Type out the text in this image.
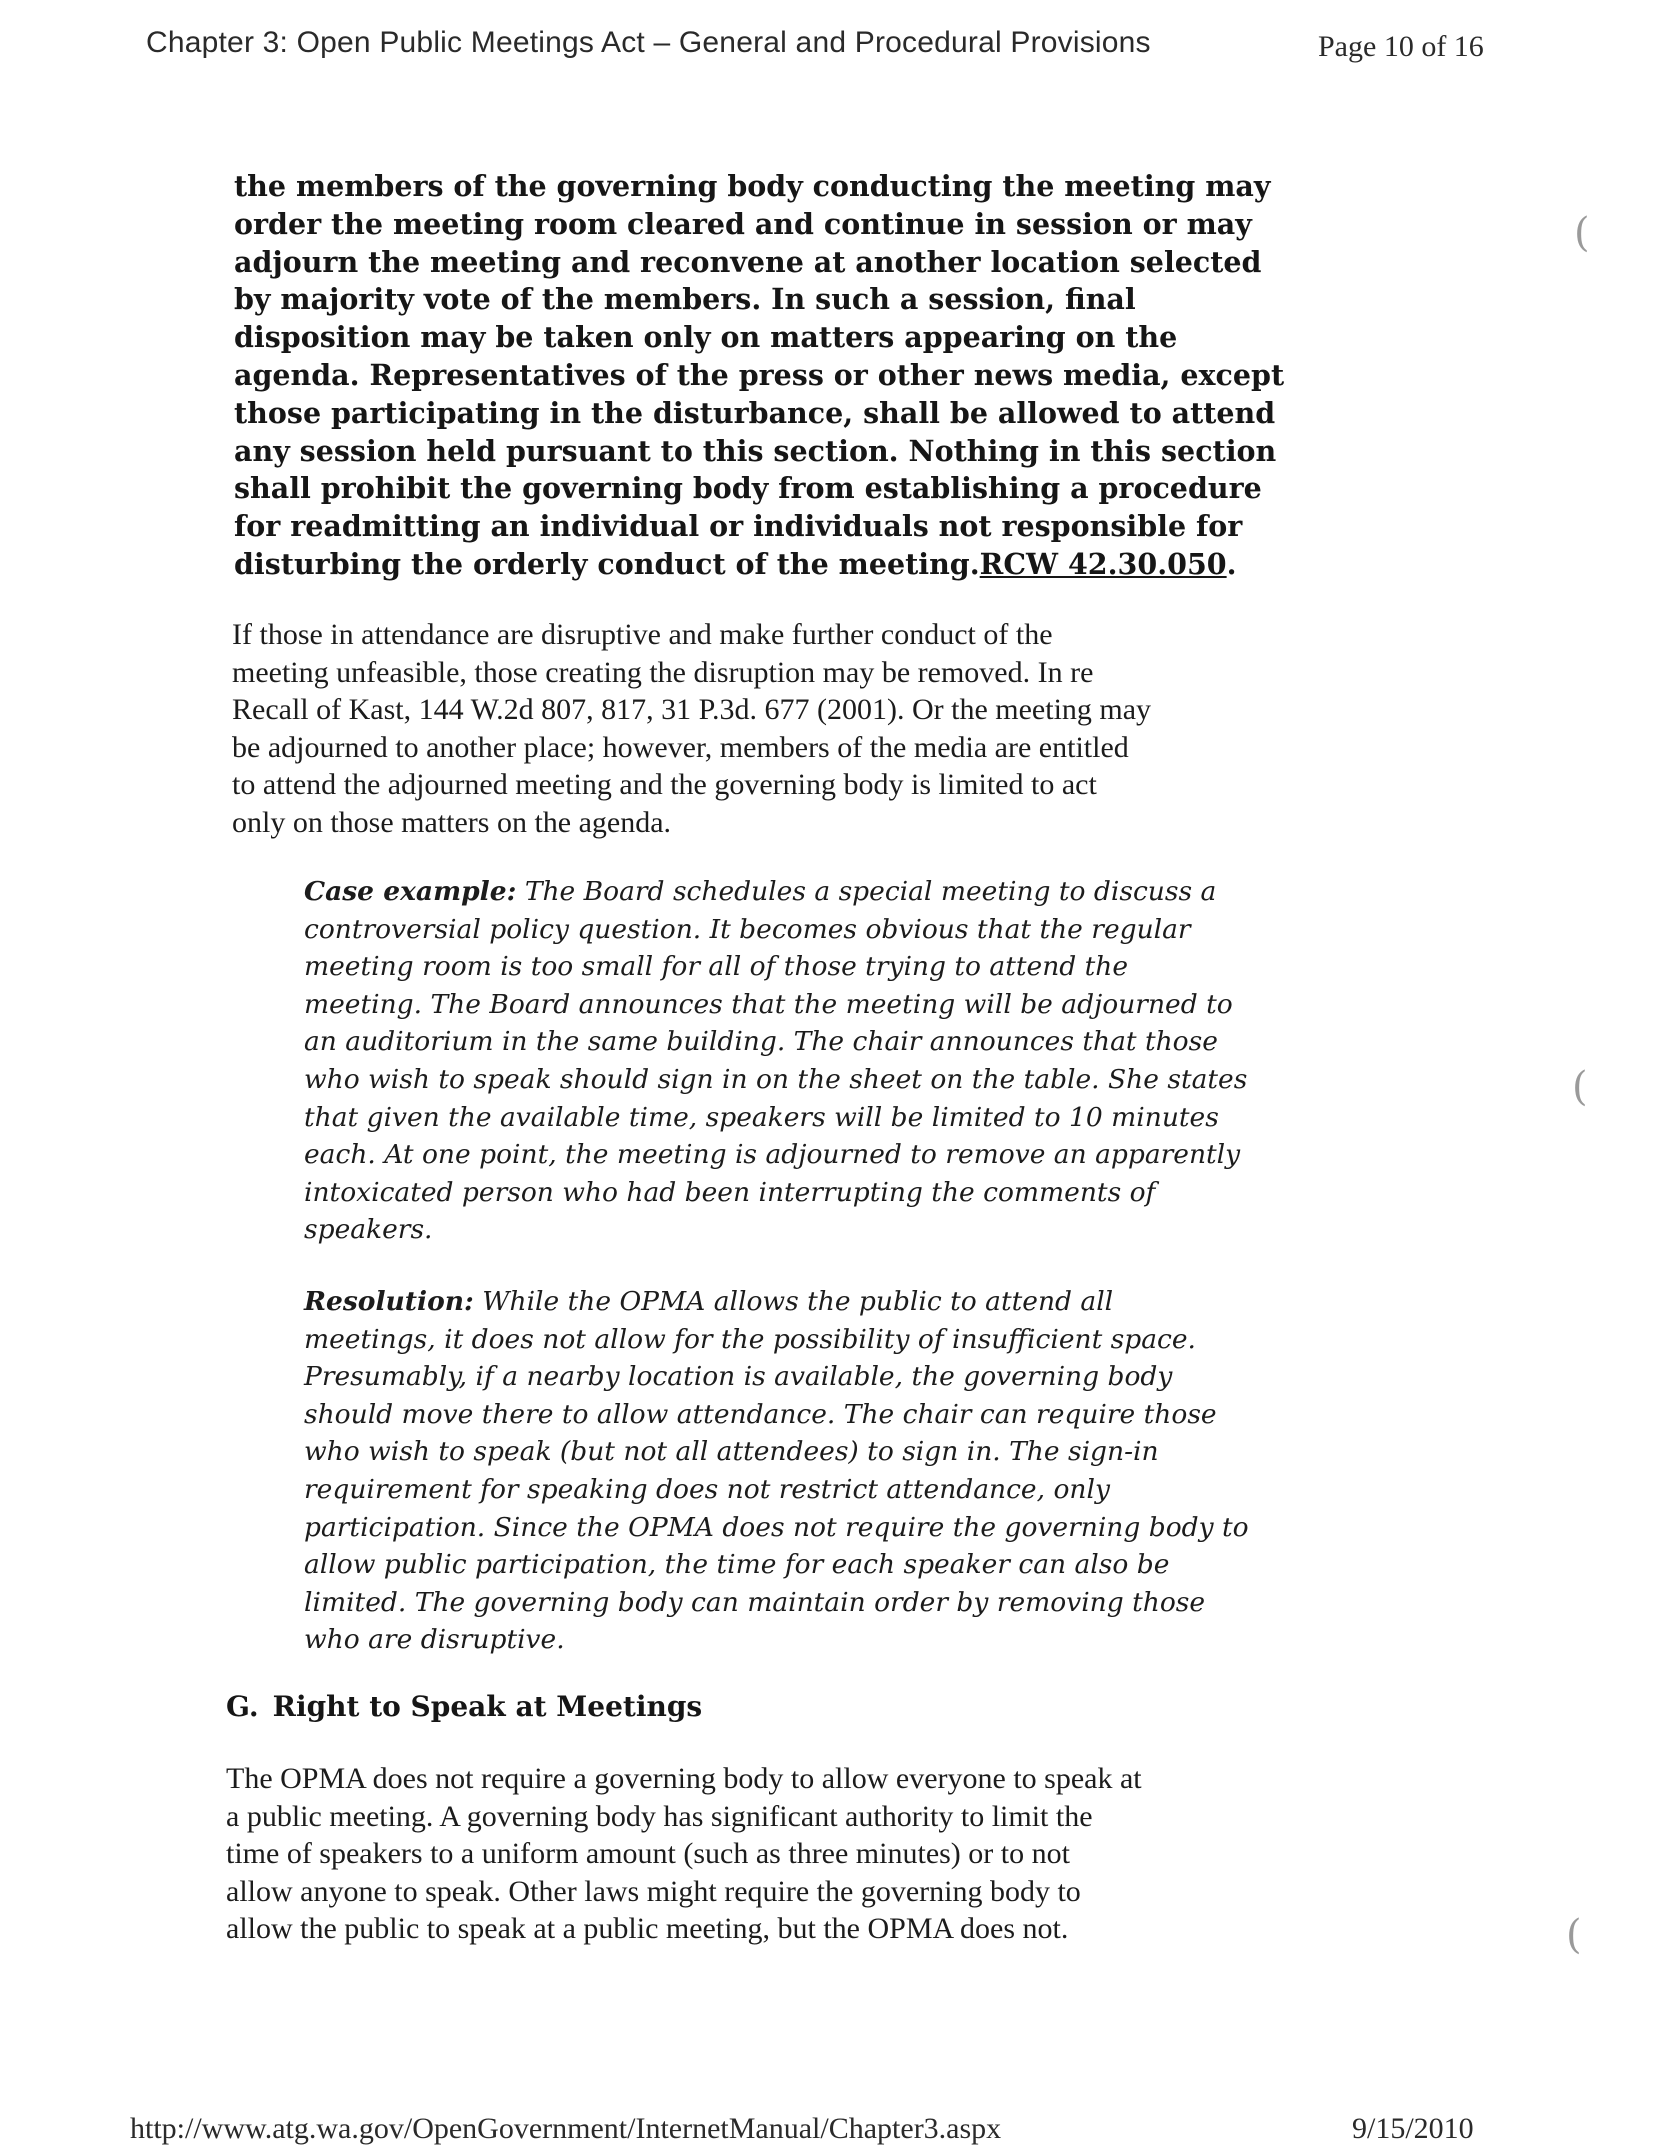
Chapter 3: Open Public Meetings Act – General and Procedural Provisions	Page 10 of 16
the members of the governing body conducting the meeting may
order the meeting room cleared and continue in session or may
adjourn the meeting and reconvene at another location selected
by majority vote of the members. In such a session, final
disposition may be taken only on matters appearing on the
agenda. Representatives of the press or other news media, except
those participating in the disturbance, shall be allowed to attend
any session held pursuant to this section. Nothing in this section
shall prohibit the governing body from establishing a procedure
for readmitting an individual or individuals not responsible for
disturbing the orderly conduct of the meeting.RCW 42.30.050.
If those in attendance are disruptive and make further conduct of the
meeting unfeasible, those creating the disruption may be removed. In re
Recall of Kast, 144 W.2d 807, 817, 31 P.3d. 677 (2001). Or the meeting may
be adjourned to another place; however, members of the media are entitled
to attend the adjourned meeting and the governing body is limited to act
only on those matters on the agenda.
Case example: The Board schedules a special meeting to discuss a
controversial policy question. It becomes obvious that the regular
meeting room is too small for all of those trying to attend the
meeting. The Board announces that the meeting will be adjourned to
an auditorium in the same building. The chair announces that those
who wish to speak should sign in on the sheet on the table. She states
that given the available time, speakers will be limited to 10 minutes
each. At one point, the meeting is adjourned to remove an apparently
intoxicated person who had been interrupting the comments of
speakers.
Resolution: While the OPMA allows the public to attend all
meetings, it does not allow for the possibility of insufficient space.
Presumably, if a nearby location is available, the governing body
should move there to allow attendance. The chair can require those
who wish to speak (but not all attendees) to sign in. The sign-in
requirement for speaking does not restrict attendance, only
participation. Since the OPMA does not require the governing body to
allow public participation, the time for each speaker can also be
limited. The governing body can maintain order by removing those
who are disruptive.
G. Right to Speak at Meetings
The OPMA does not require a governing body to allow everyone to speak at
a public meeting. A governing body has significant authority to limit the
time of speakers to a uniform amount (such as three minutes) or to not
allow anyone to speak. Other laws might require the governing body to
allow the public to speak at a public meeting, but the OPMA does not.
(
(
(
http://www.atg.wa.gov/OpenGovernment/InternetManual/Chapter3.aspx	9/15/2010
